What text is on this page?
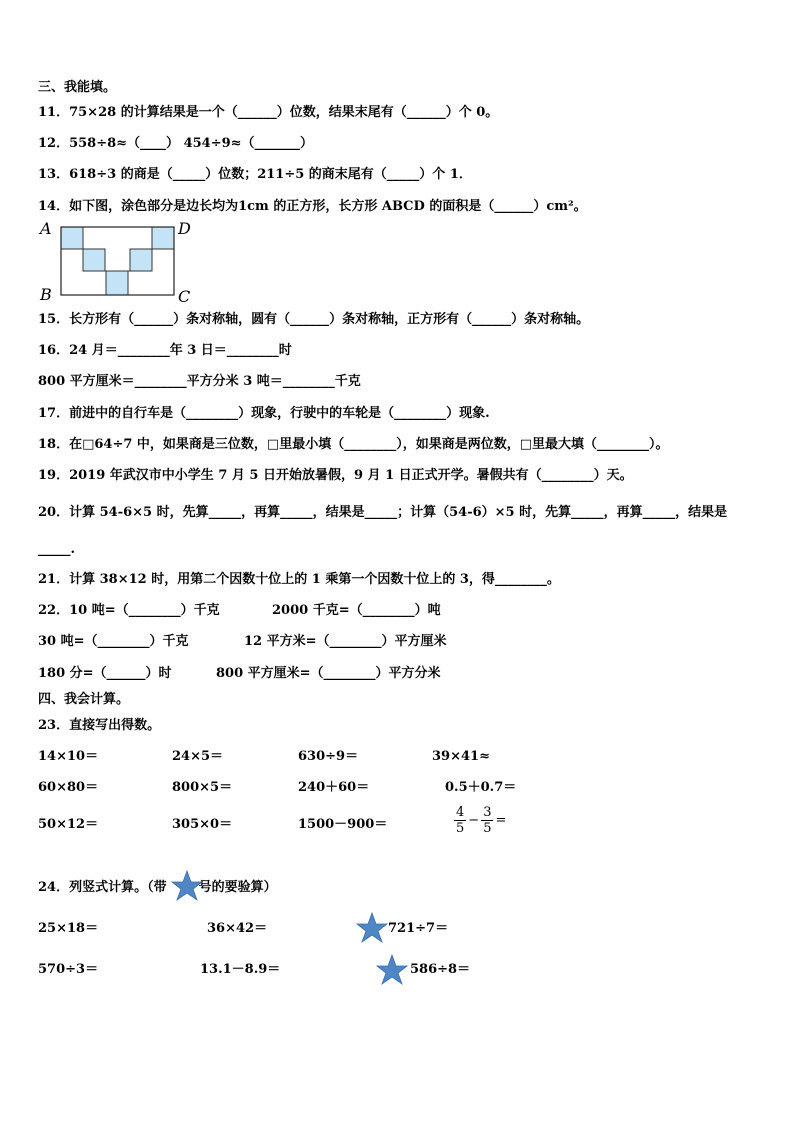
三、我能填。
11．75×28 的计算结果是一个（______）位数，结果末尾有（______）个 0。
12．558÷8≈（____） 454÷9≈（_______）
13．618÷3 的商是（_____）位数；211÷5 的商末尾有（_____）个 1．
14．如下图，涂色部分是边长均为1cm 的正方形，长方形 ABCD 的面积是（______）cm²。
A	D
B	C
15．长方形有（______）条对称轴，圆有（______）条对称轴，正方形有（______）条对称轴。
16．24 月＝________年 3 日＝________时
800 平方厘米＝________平方分米 3 吨＝________千克
17．前进中的自行车是（________）现象，行驶中的车轮是（________）现象.
18．在□64÷7 中，如果商是三位数，□里最小填（________），如果商是两位数，□里最大填（________）。
19．2019 年武汉市中小学生 7 月 5 日开始放暑假，9 月 1 日正式开学。暑假共有（________）天。
20．计算 54-6×5 时，先算_____，再算_____，结果是_____；计算（54-6）×5 时，先算_____，再算_____，结果是
_____.
21．计算 38×12 时，用第二个因数十位上的 1 乘第一个因数十位上的 3，得________。
22．10 吨=（________）千克	2000 千克=（________）吨
30 吨=（________）千克	12 平方米=（________）平方厘米
180 分=（______）时	800 平方厘米=（________）平方分米
四、我会计算。
23．直接写出得数。
14×10＝	24×5＝	630÷9＝	39×41≈
60×80＝	800×5＝	240＋60＝	0.5＋0.7＝
50×12＝	305×0＝	1500－900＝	$\frac{4}{5} - \frac{3}{5}$ =
24．列竖式计算。（带 号的要验算）
25×18＝	36×42＝	721÷7＝
570÷3＝	13.1－8.9＝	586÷8＝
